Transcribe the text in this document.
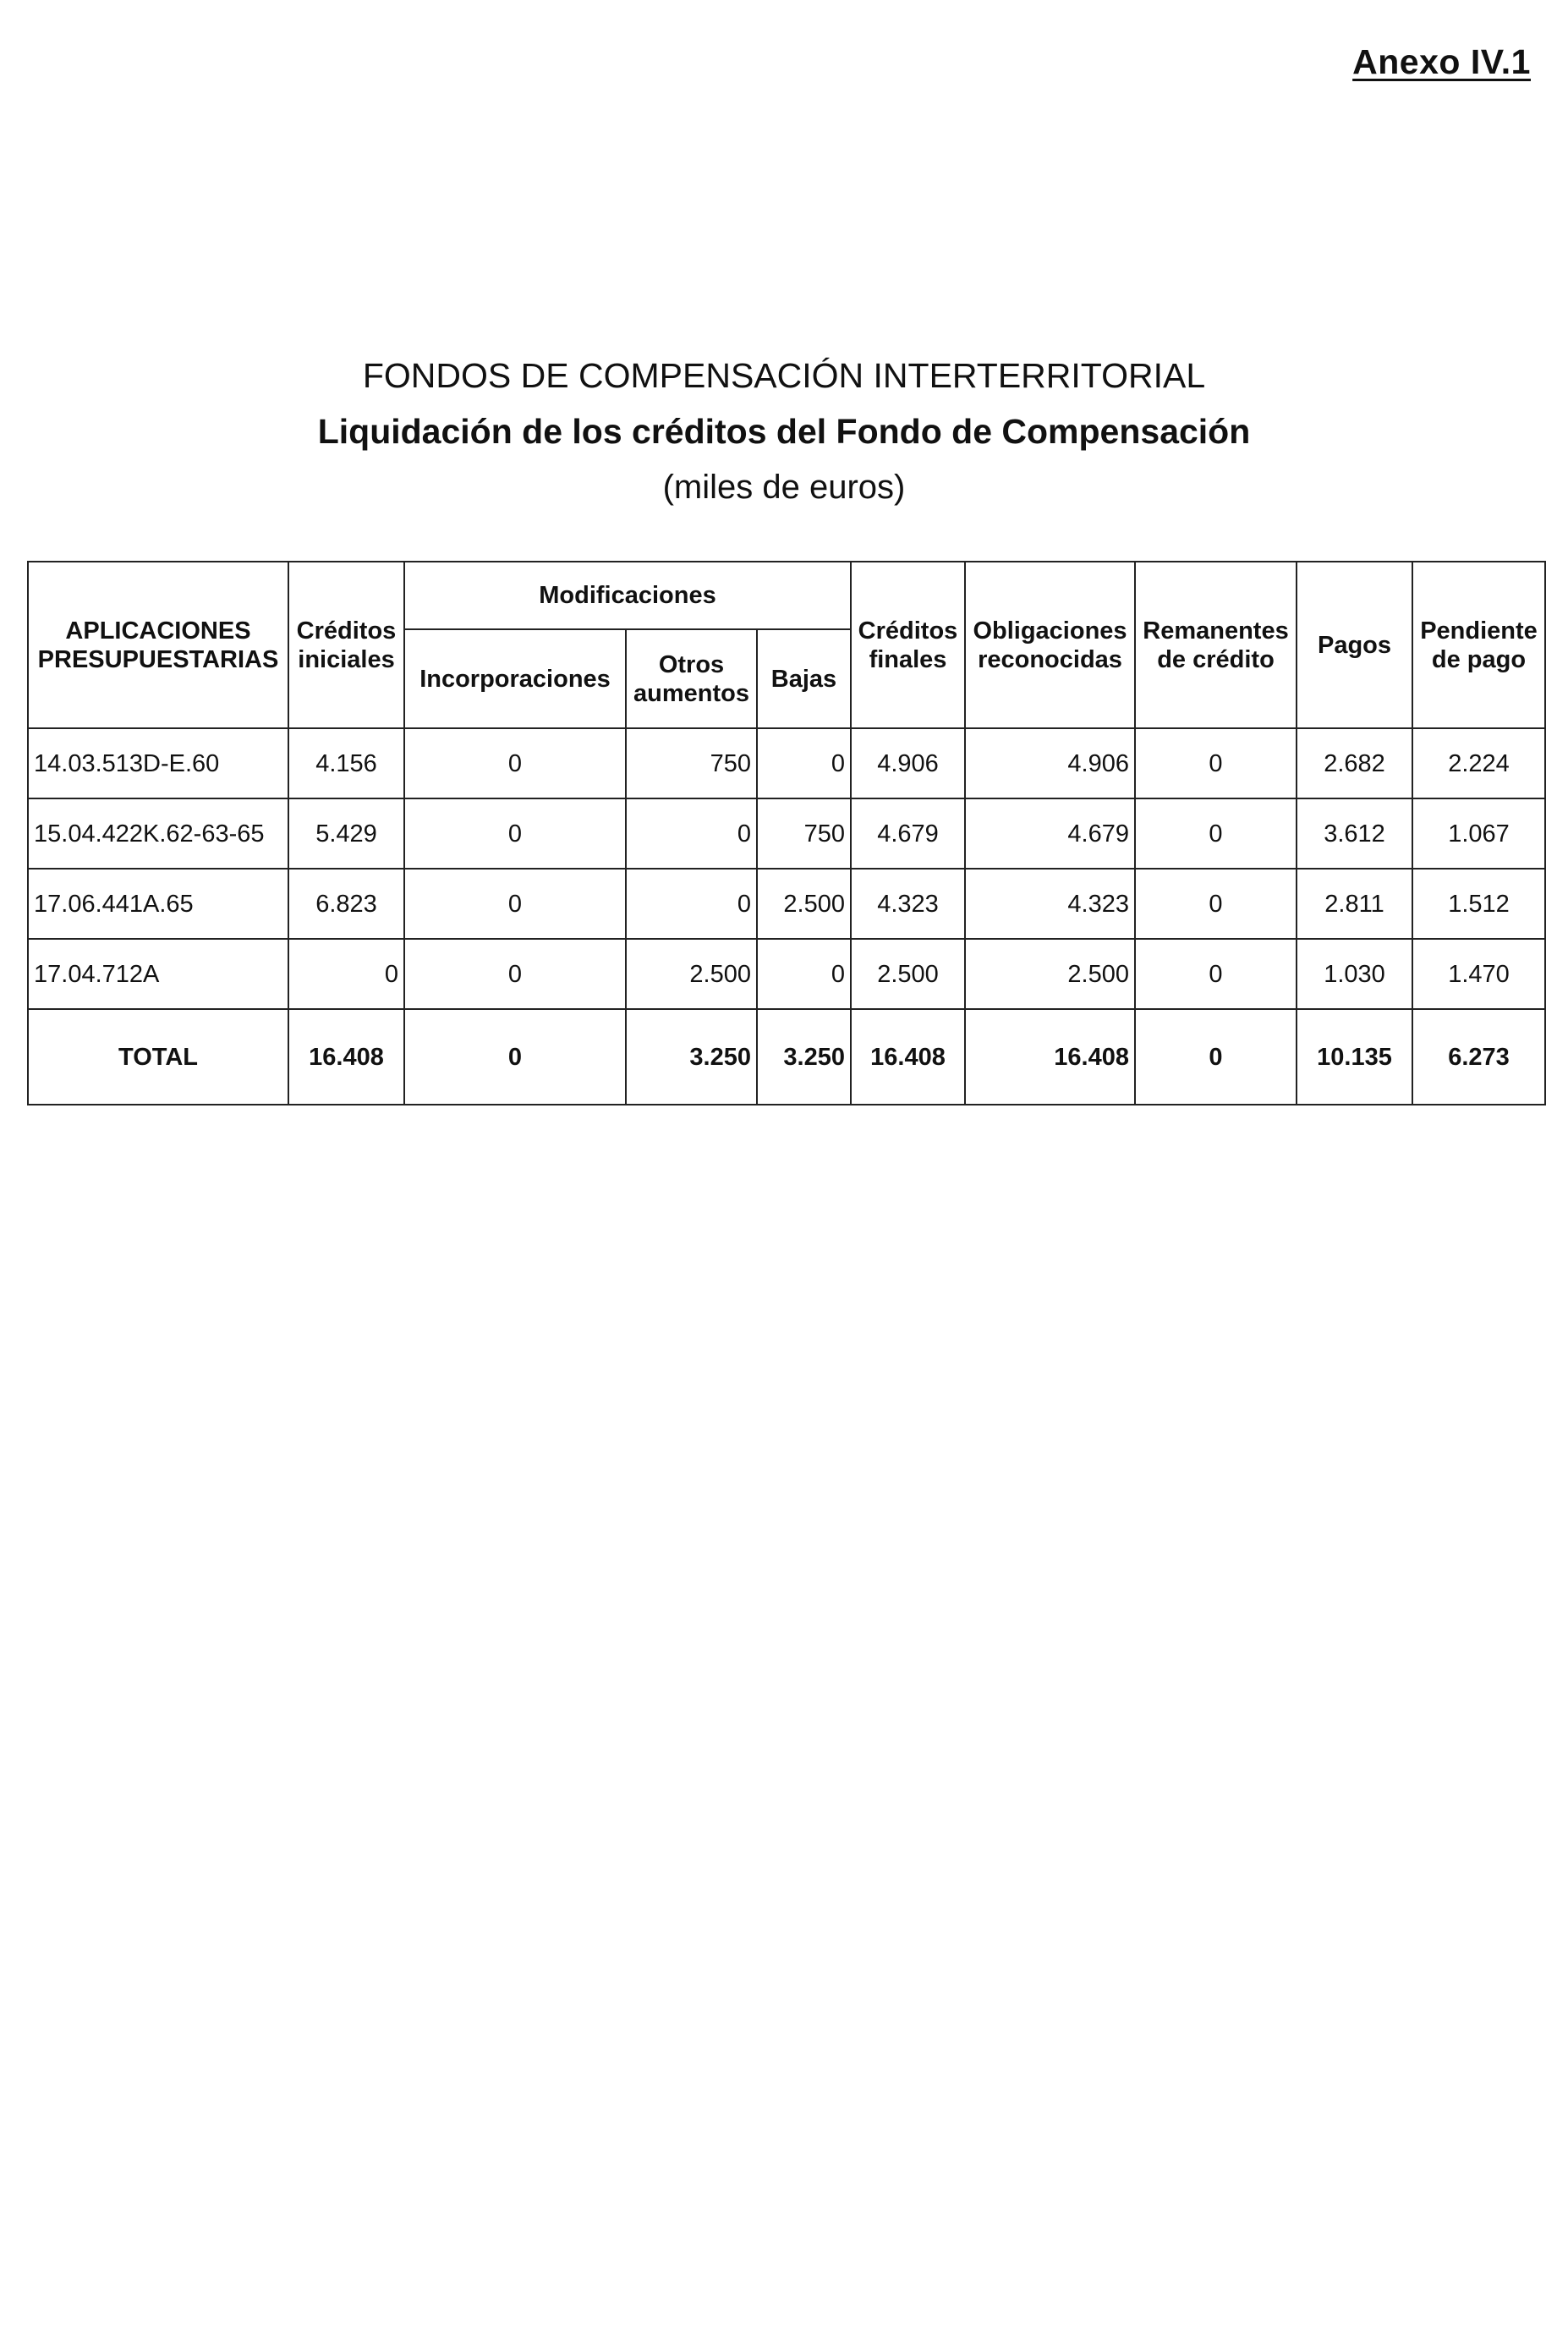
Anexo IV.1
FONDOS DE COMPENSACIÓN INTERTERRITORIAL
Liquidación de los créditos del Fondo de Compensación
(miles de euros)
APLICACIONES PRESUPUESTARIAS	Créditos iniciales	Modificaciones			Créditos finales	Obligaciones reconocidas	Remanentes de crédito	Pagos	Pendiente de pago
		Incorporaciones	Otros aumentos	Bajas					
14.03.513D-E.60	4.156	0	750	0	4.906	4.906	0	2.682	2.224
15.04.422K.62-63-65	5.429	0	0	750	4.679	4.679	0	3.612	1.067
17.06.441A.65	6.823	0	0	2.500	4.323	4.323	0	2.811	1.512
17.04.712A	0	0	2.500	0	2.500	2.500	0	1.030	1.470
TOTAL	16.408	0	3.250	3.250	16.408	16.408	0	10.135	6.273
